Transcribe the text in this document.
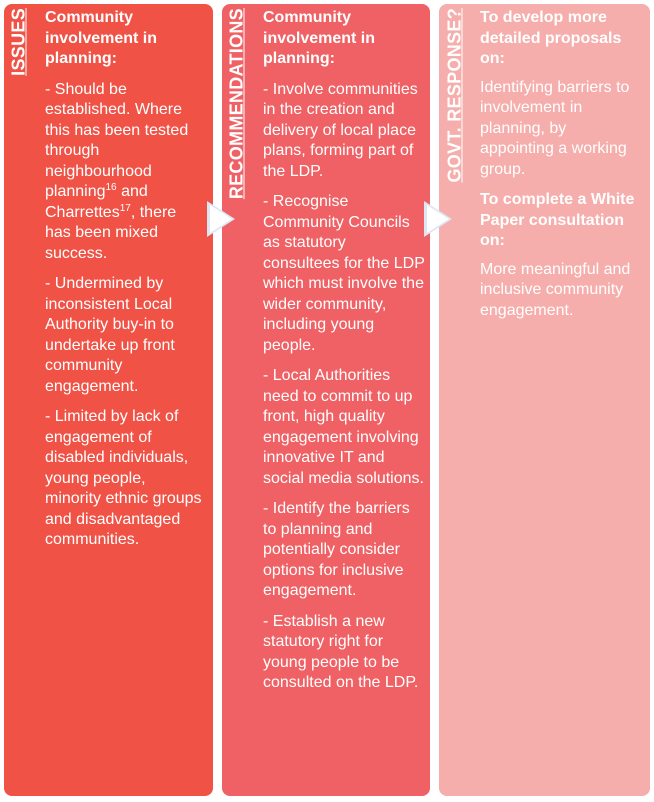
ISSUES	RECOMMENDATIONS	GOVT. RESPONSE?

Community involvement in planning:

- Should be established. Where this has been tested through neighbourhood planning$^{16}$ and Charrettes$^{17}$, there has been mixed success.

- Undermined by inconsistent Local Authority buy-in to undertake up front community engagement.

- Limited by lack of engagement of disabled individuals, young people, minority ethnic groups and disadvantaged communities.

Community involvement in planning:

- Involve communities in the creation and delivery of local place plans, forming part of the LDP.

- Recognise Community Councils as statutory consultees for the LDP which must involve the wider community, including young people.

- Local Authorities need to commit to up front, high quality engagement involving innovative IT and social media solutions.

- Identify the barriers to planning and potentially consider options for inclusive engagement.

- Establish a new statutory right for young people to be consulted on the LDP.

To develop more detailed proposals on:

Identifying barriers to involvement in planning, by appointing a working group.

To complete a White Paper consultation on:

More meaningful and inclusive community engagement.
